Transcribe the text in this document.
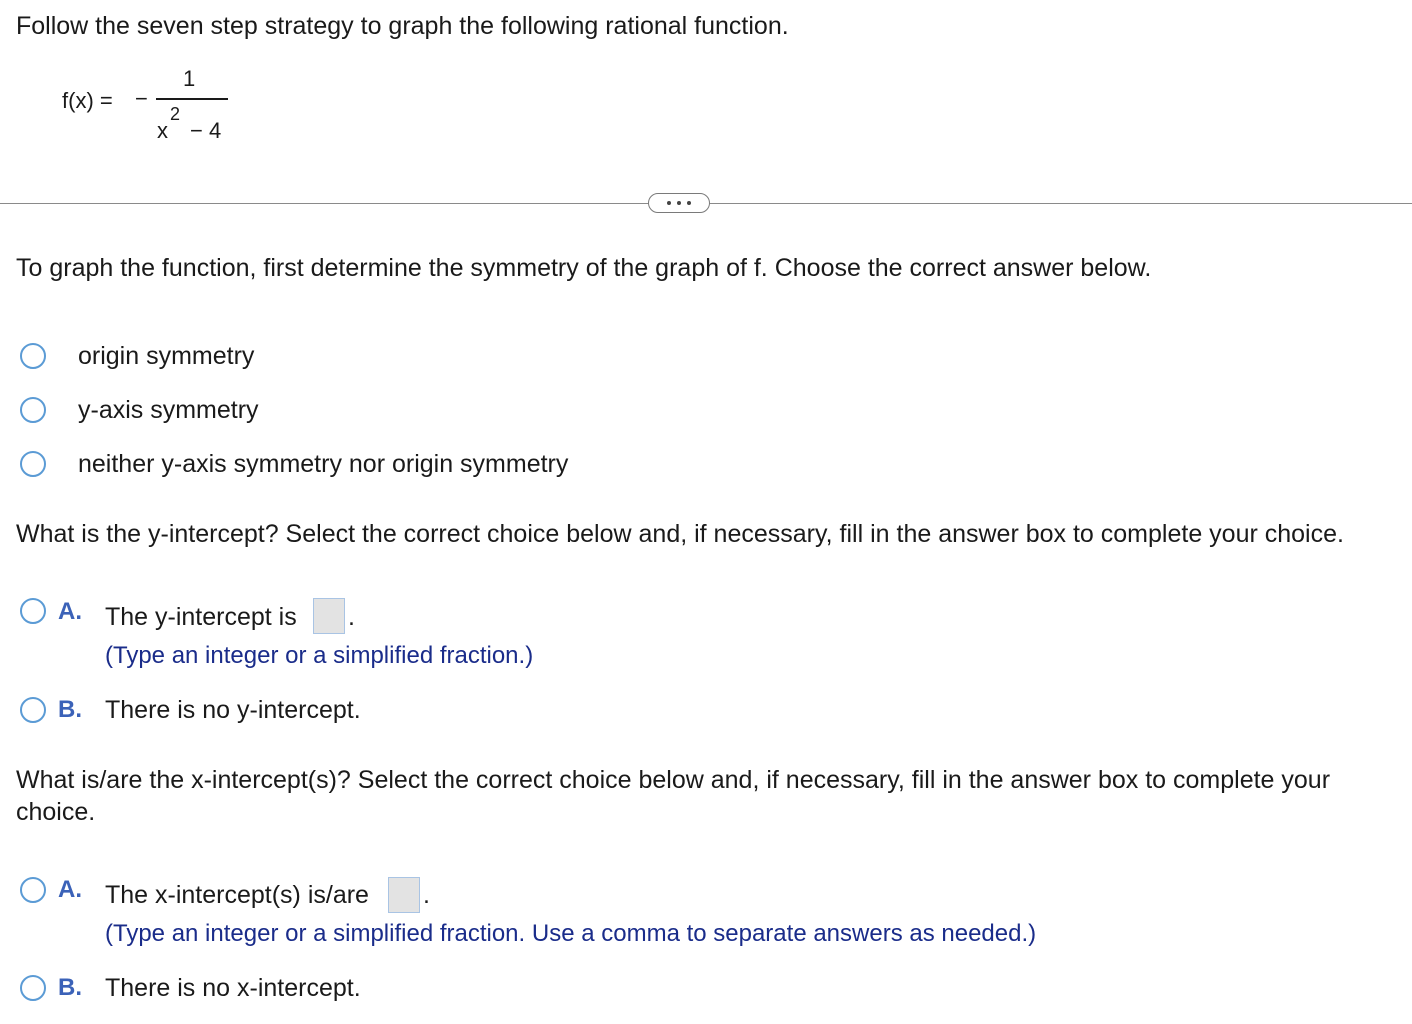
Follow the seven step strategy to graph the following rational function.
f(x) = −
1
x
2
− 4
To graph the function, first determine the symmetry of the graph of f. Choose the correct answer below.
origin symmetry
y-axis symmetry
neither y-axis symmetry nor origin symmetry
What is the y-intercept? Select the correct choice below and, if necessary, fill in the answer box to complete your choice.
A. The y-intercept is .
(Type an integer or a simplified fraction.)
B. There is no y-intercept.
What is/are the x-intercept(s)? Select the correct choice below and, if necessary, fill in the answer box to complete your
choice.
A. The x-intercept(s) is/are .
(Type an integer or a simplified fraction. Use a comma to separate answers as needed.)
B. There is no x-intercept.
